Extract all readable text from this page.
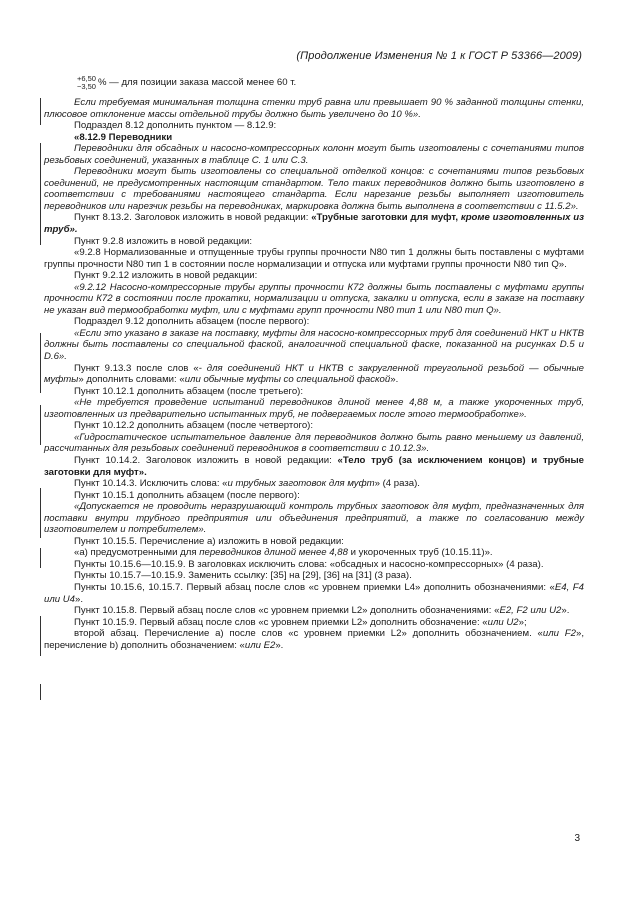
(Продолжение Изменения № 1 к ГОСТ Р 53366—2009)
+6,50
−3,50 % — для позиции заказа массой менее 60 т.

Если требуемая минимальная толщина стенки труб равна или превышает 90 % заданной толщины стенки, плюсовое отклонение массы отдельной трубы должно быть увеличено до 10 %».

Подраздел 8.12 дополнить пунктом — 8.12.9:

«8.12.9 Переводники

Переводники для обсадных и насосно-компрессорных колонн могут быть изготовлены с сочетаниями типов резьбовых соединений, указанных в таблице С. 1 или С.3.

Переводники могут быть изготовлены со специальной отделкой концов: с сочетаниями типов резьбовых соединений, не предусмотренных настоящим стандартом. Тело таких переводников должно быть изготовлено в соответствии с требованиями настоящего стандарта. Если нарезание резьбы выполняет изготовитель переводников или нарезчик резьбы на переводниках, маркировка должна быть выполнена в соответствии с 11.5.2».

Пункт 8.13.2. Заголовок изложить в новой редакции: «Трубные заготовки для муфт, кроме изготовленных из труб».

Пункт 9.2.8 изложить в новой редакции:

«9.2.8 Нормализованные и отпущенные трубы группы прочности N80 тип 1 должны быть поставлены с муфтами группы прочности N80 тип 1 в состоянии после нормализации и отпуска или муфтами группы прочности N80 тип Q».

Пункт 9.2.12 изложить в новой редакции:

«9.2.12 Насосно-компрессорные трубы группы прочности К72 должны быть поставлены с муфтами группы прочности К72 в состоянии после прокатки, нормализации и отпуска, закалки и отпуска, если в заказе на поставку не указан вид термообработки муфт, или с муфтами групп прочности N80 тип 1 или N80 тип Q».

Подраздел 9.12 дополнить абзацем (после первого):

«Если это указано в заказе на поставку, муфты для насосно-компрессорных труб для соединений НКТ и НКТВ должны быть поставлены со специальной фаской, аналогичной специальной фаске, показанной на рисунках D.5 и D.6».

Пункт 9.13.3 после слов «- для соединений НКТ и НКТВ с закругленной треугольной резьбой — обычные муфты» дополнить словами: «или обычные муфты со специальной фаской».

Пункт 10.12.1 дополнить абзацем (после третьего):

«Не требуется проведение испытаний переводников длиной менее 4,88 м, а также укороченных труб, изготовленных из предварительно испытанных труб, не подвергаемых после этого термообработке».

Пункт 10.12.2 дополнить абзацем (после четвертого):

«Гидростатическое испытательное давление для переводников должно быть равно меньшему из давлений, рассчитанных для резьбовых соединений переводников в соответствии с 10.12.3».

Пункт 10.14.2. Заголовок изложить в новой редакции: «Тело труб (за исключением концов) и трубные заготовки для муфт».

Пункт 10.14.3. Исключить слова: «и трубных заготовок для муфт» (4 раза).

Пункт 10.15.1 дополнить абзацем (после первого):

«Допускается не проводить неразрушающий контроль трубных заготовок для муфт, предназначенных для поставки внутри трубного предприятия или объединения предприятий, а также по согласованию между изготовителем и потребителем».

Пункт 10.15.5. Перечисление а) изложить в новой редакции:

«а) предусмотренными для переводников длиной менее 4,88 и укороченных труб (10.15.11)».

Пункты 10.15.6—10.15.9. В заголовках исключить слова: «обсадных и насосно-компрессорных» (4 раза).

Пункты 10.15.7—10.15.9. Заменить ссылку: [35] на [29], [36] на [31] (3 раза).

Пункты 10.15.6, 10.15.7. Первый абзац после слов «с уровнем приемки L4» дополнить обозначениями: «Е4, F4 или U4».

Пункт 10.15.8. Первый абзац после слов «с уровнем приемки L2» дополнить обозначениями: «Е2, F2 или U2».

Пункт 10.15.9. Первый абзац после слов «с уровнем приемки L2» дополнить обозначение: «или U2»;

второй абзац. Перечисление а) после слов «с уровнем приемки L2» дополнить обозначением. «или F2», перечисление b) дополнить обозначением: «или Е2».

3
